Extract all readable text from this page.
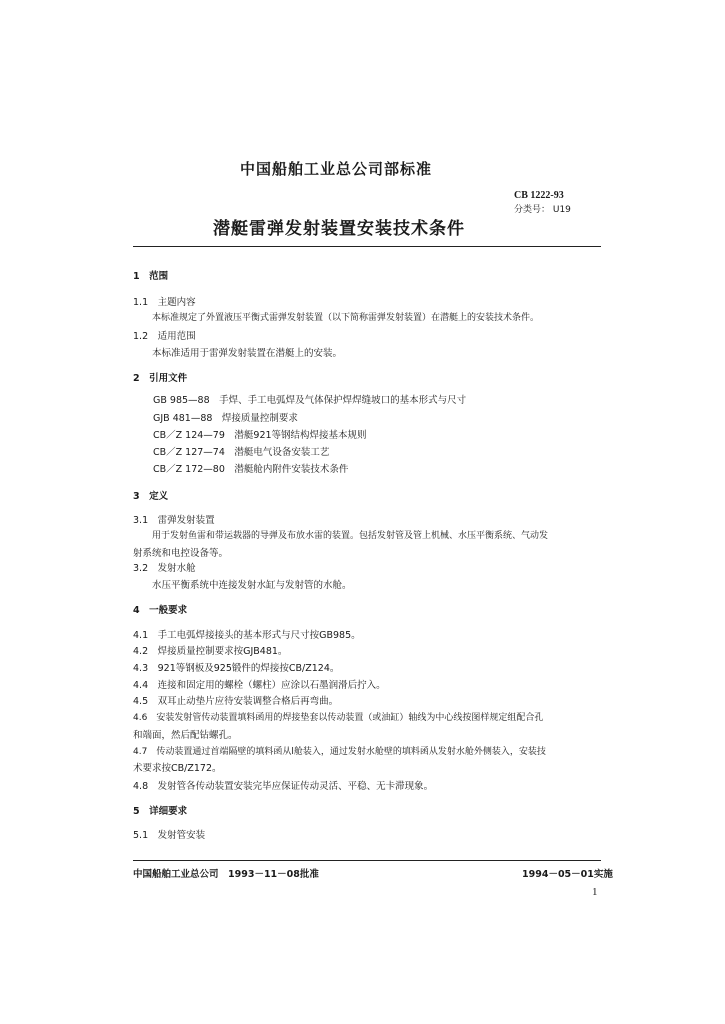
中国船舶工业总公司部标准
CB 1222-93
分类号： U19
潜艇雷弹发射装置安装技术条件
1　范围
1.1　主题内容
本标准规定了外置液压平衡式雷弹发射装置（以下简称雷弹发射装置）在潜艇上的安装技术条件。
1.2　适用范围
本标准适用于雷弹发射装置在潜艇上的安装。
2　引用文件
GB 985—88　手焊、手工电弧焊及气体保护焊焊缝坡口的基本形式与尺寸
GJB 481—88　焊接质量控制要求
CB／Z 124—79　潜艇921等钢结构焊接基本规则
CB／Z 127—74　潜艇电气设备安装工艺
CB／Z 172—80　潜艇舱内附件安装技术条件
3　定义
3.1　雷弹发射装置
用于发射鱼雷和带运载器的导弹及布放水雷的装置。包括发射管及管上机械、水压平衡系统、气动发
射系统和电控设备等。
3.2　发射水舱
水压平衡系统中连接发射水缸与发射管的水舱。
4　一般要求
4.1　手工电弧焊接接头的基本形式与尺寸按GB985。
4.2　焊接质量控制要求按GJB481。
4.3　921等钢板及925锻件的焊接按CB/Z124。
4.4　连接和固定用的螺栓（螺柱）应涂以石墨润滑后拧入。
4.5　双耳止动垫片应待安装调整合格后再弯曲。
4.6　安装发射管传动装置填料函用的焊接垫套以传动装置（或油缸）轴线为中心线按图样规定组配合孔
和端面，然后配钻螺孔。
4.7　传动装置通过首端隔壁的填料函从l舱装入，通过发射水舱壁的填料函从发射水舱外侧装入，安装技
术要求按CB/Z172。
4.8　发射管各传动装置安装完毕应保证传动灵活、平稳、无卡滞现象。
5　详细要求
5.1　发射管安装
中国船舶工业总公司　1993－11－08批准	1994－05－01实施
1
